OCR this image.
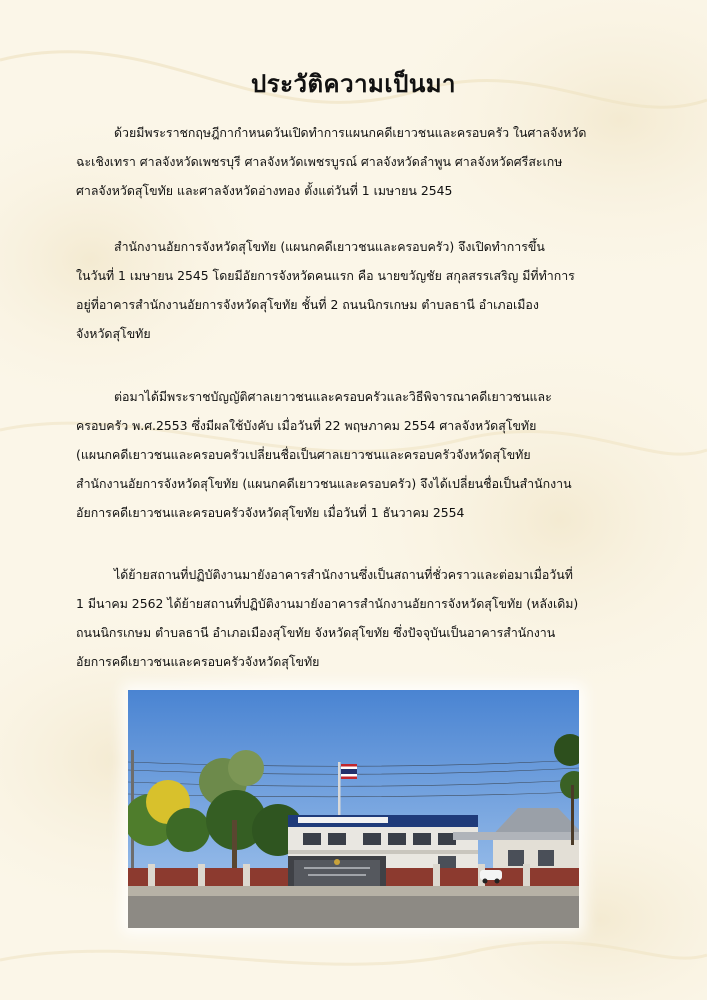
ประวัติความเป็นมา
ด้วยมีพระราชกฤษฎีกากำหนดวันเปิดทำการแผนกคดีเยาวชนและครอบครัว ในศาลจังหวัด
ฉะเชิงเทรา ศาลจังหวัดเพชรบุรี ศาลจังหวัดเพชรบูรณ์ ศาลจังหวัดลำพูน ศาลจังหวัดศรีสะเกษ
ศาลจังหวัดสุโขทัย และศาลจังหวัดอ่างทอง ตั้งแต่วันที่ 1 เมษายน 2545
สำนักงานอัยการจังหวัดสุโขทัย (แผนกคดีเยาวชนและครอบครัว) จึงเปิดทำการขึ้น
ในวันที่ 1 เมษายน 2545 โดยมีอัยการจังหวัดคนแรก คือ นายขวัญชัย สกุลสรรเสริญ มีที่ทำการ
อยู่ที่อาคารสำนักงานอัยการจังหวัดสุโขทัย ชั้นที่ 2 ถนนนิกรเกษม ตำบลธานี อำเภอเมือง
จังหวัดสุโขทัย
ต่อมาได้มีพระราชบัญญัติศาลเยาวชนและครอบครัวและวิธีพิจารณาคดีเยาวชนและ
ครอบครัว พ.ศ.2553 ซึ่งมีผลใช้บังคับ เมื่อวันที่ 22 พฤษภาคม 2554 ศาลจังหวัดสุโขทัย
(แผนกคดีเยาวชนและครอบครัวเปลี่ยนชื่อเป็นศาลเยาวชนและครอบครัวจังหวัดสุโขทัย
สำนักงานอัยการจังหวัดสุโขทัย (แผนกคดีเยาวชนและครอบครัว) จึงได้เปลี่ยนชื่อเป็นสำนักงาน
อัยการคดีเยาวชนและครอบครัวจังหวัดสุโขทัย เมื่อวันที่ 1 ธันวาคม 2554
ได้ย้ายสถานที่ปฏิบัติงานมายังอาคารสำนักงานซึ่งเป็นสถานที่ชั่วคราวและต่อมาเมื่อวันที่
1 มีนาคม 2562 ได้ย้ายสถานที่ปฏิบัติงานมายังอาคารสำนักงานอัยการจังหวัดสุโขทัย (หลังเดิม)
ถนนนิกรเกษม ตำบลธานี อำเภอเมืองสุโขทัย จังหวัดสุโขทัย ซึ่งปัจจุบันเป็นอาคารสำนักงาน
อัยการคดีเยาวชนและครอบครัวจังหวัดสุโขทัย
